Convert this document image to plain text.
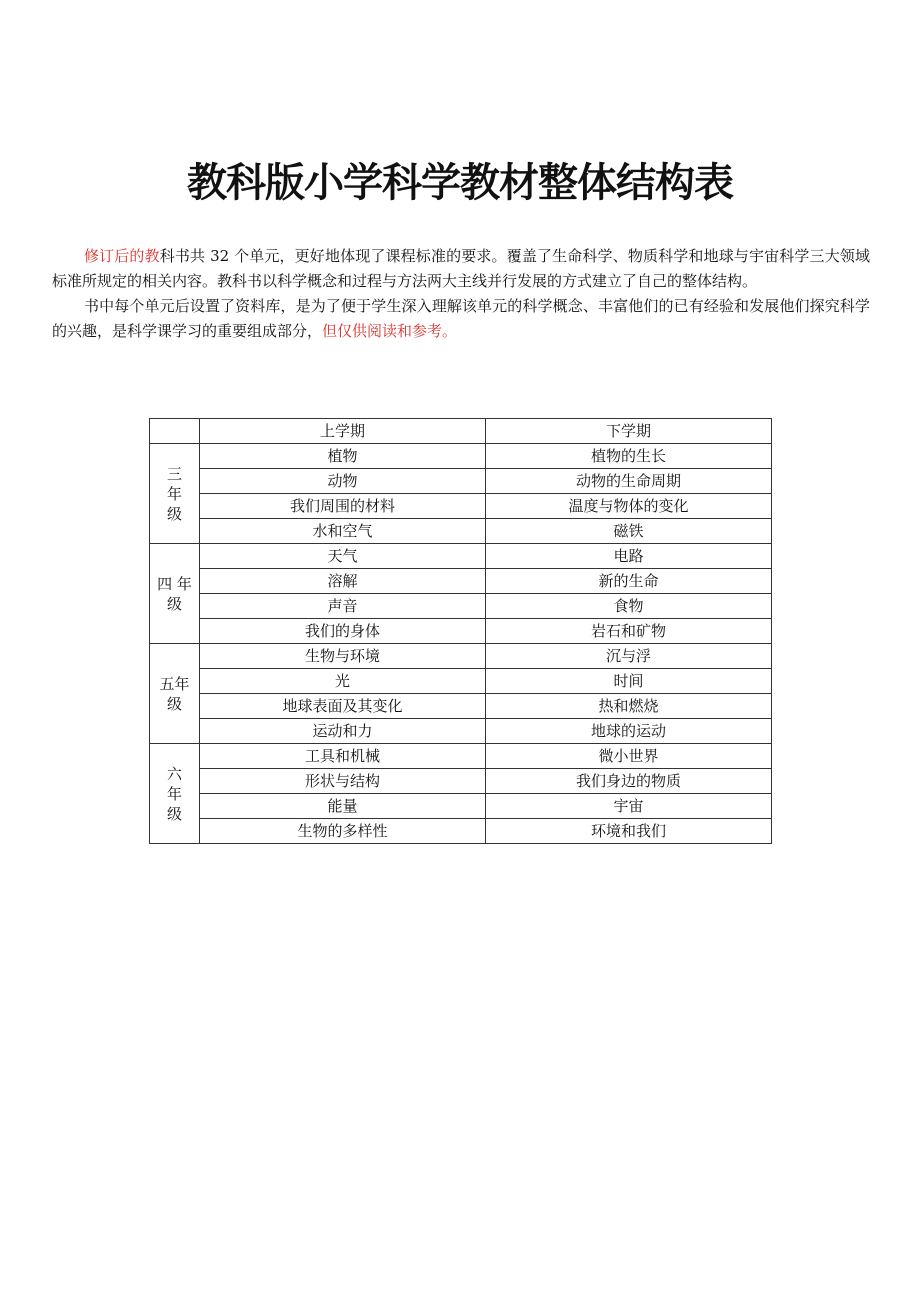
教科版小学科学教材整体结构表

修订后的教科书共 32 个单元，更好地体现了课程标准的要求。覆盖了生命科学、物质科学和地球与宇宙科学三大领域标准所规定的相关内容。教科书以科学概念和过程与方法两大主线并行发展的方式建立了自己的整体结构。

书中每个单元后设置了资料库，是为了便于学生深入理解该单元的科学概念、丰富他们的已有经验和发展他们探究科学的兴趣，是科学课学习的重要组成部分，但仅供阅读和参考。

	上学期	下学期
三年级	植物	植物的生长
	动物	动物的生命周期
	我们周围的材料	温度与物体的变化
	水和空气	磁铁
四 年级	天气	电路
	溶解	新的生命
	声音	食物
	我们的身体	岩石和矿物
五年级	生物与环境	沉与浮
	光	时间
	地球表面及其变化	热和燃烧
	运动和力	地球的运动
六年级	工具和机械	微小世界
	形状与结构	我们身边的物质
	能量	宇宙
	生物的多样性	环境和我们
